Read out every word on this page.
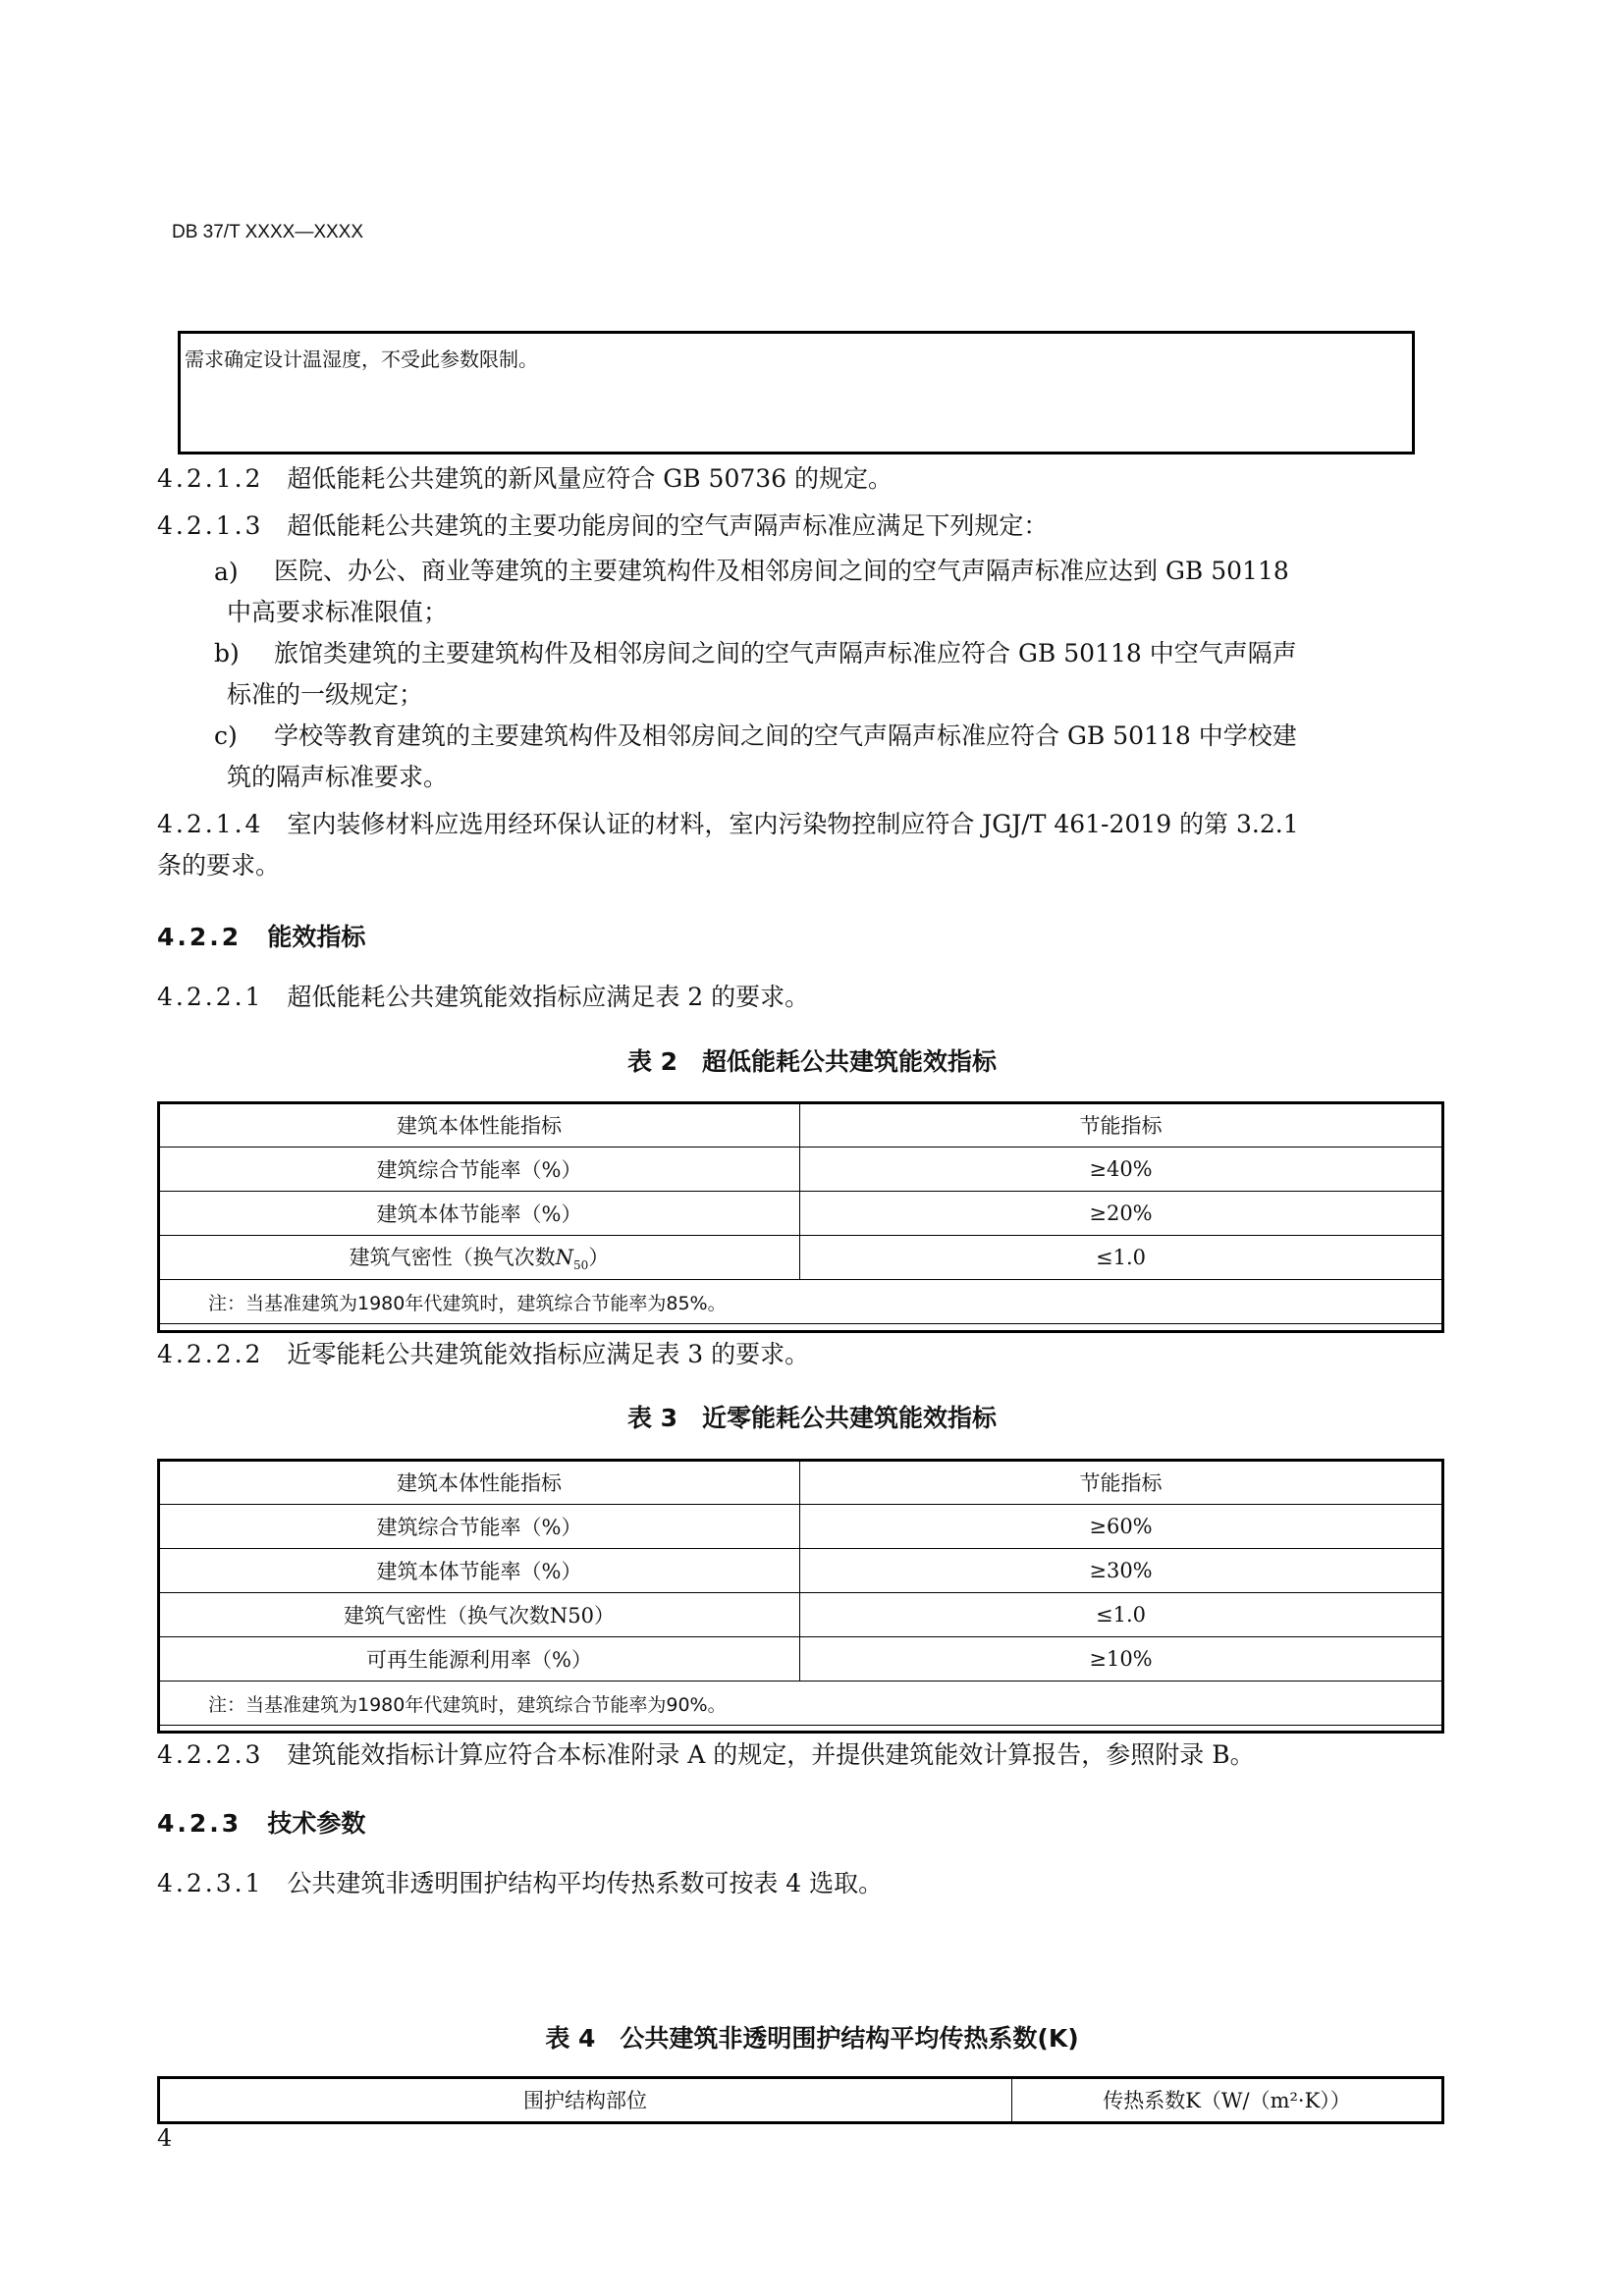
DB 37/T XXXX—XXXX
需求确定设计温湿度，不受此参数限制。
4.2.1.2 超低能耗公共建筑的新风量应符合 GB 50736 的规定。
4.2.1.3 超低能耗公共建筑的主要功能房间的空气声隔声标准应满足下列规定：
a) 医院、办公、商业等建筑的主要建筑构件及相邻房间之间的空气声隔声标准应达到 GB 50118
中高要求标准限值；
b) 旅馆类建筑的主要建筑构件及相邻房间之间的空气声隔声标准应符合 GB 50118 中空气声隔声
标准的一级规定；
c) 学校等教育建筑的主要建筑构件及相邻房间之间的空气声隔声标准应符合 GB 50118 中学校建
筑的隔声标准要求。
4.2.1.4 室内装修材料应选用经环保认证的材料，室内污染物控制应符合 JGJ/T 461-2019 的第 3.2.1
条的要求。
4.2.2 能效指标
4.2.2.1 超低能耗公共建筑能效指标应满足表 2 的要求。
表 2　超低能耗公共建筑能效指标
建筑本体性能指标	节能指标
建筑综合节能率（%）	≥40%
建筑本体节能率（%）	≥20%
建筑气密性（换气次数$N_{50}$）	≤1.0
注：当基准建筑为1980年代建筑时，建筑综合节能率为85%。	
4.2.2.2 近零能耗公共建筑能效指标应满足表 3 的要求。
表 3　近零能耗公共建筑能效指标
建筑本体性能指标	节能指标
建筑综合节能率（%）	≥60%
建筑本体节能率（%）	≥30%
建筑气密性（换气次数N50）	≤1.0
可再生能源利用率（%）	≥10%
注：当基准建筑为1980年代建筑时，建筑综合节能率为90%。	
4.2.2.3 建筑能效指标计算应符合本标准附录 A 的规定，并提供建筑能效计算报告，参照附录 B。
4.2.3 技术参数
4.2.3.1 公共建筑非透明围护结构平均传热系数可按表 4 选取。
表 4　公共建筑非透明围护结构平均传热系数(K)
围护结构部位	传热系数K（W/（m²·K））
4
